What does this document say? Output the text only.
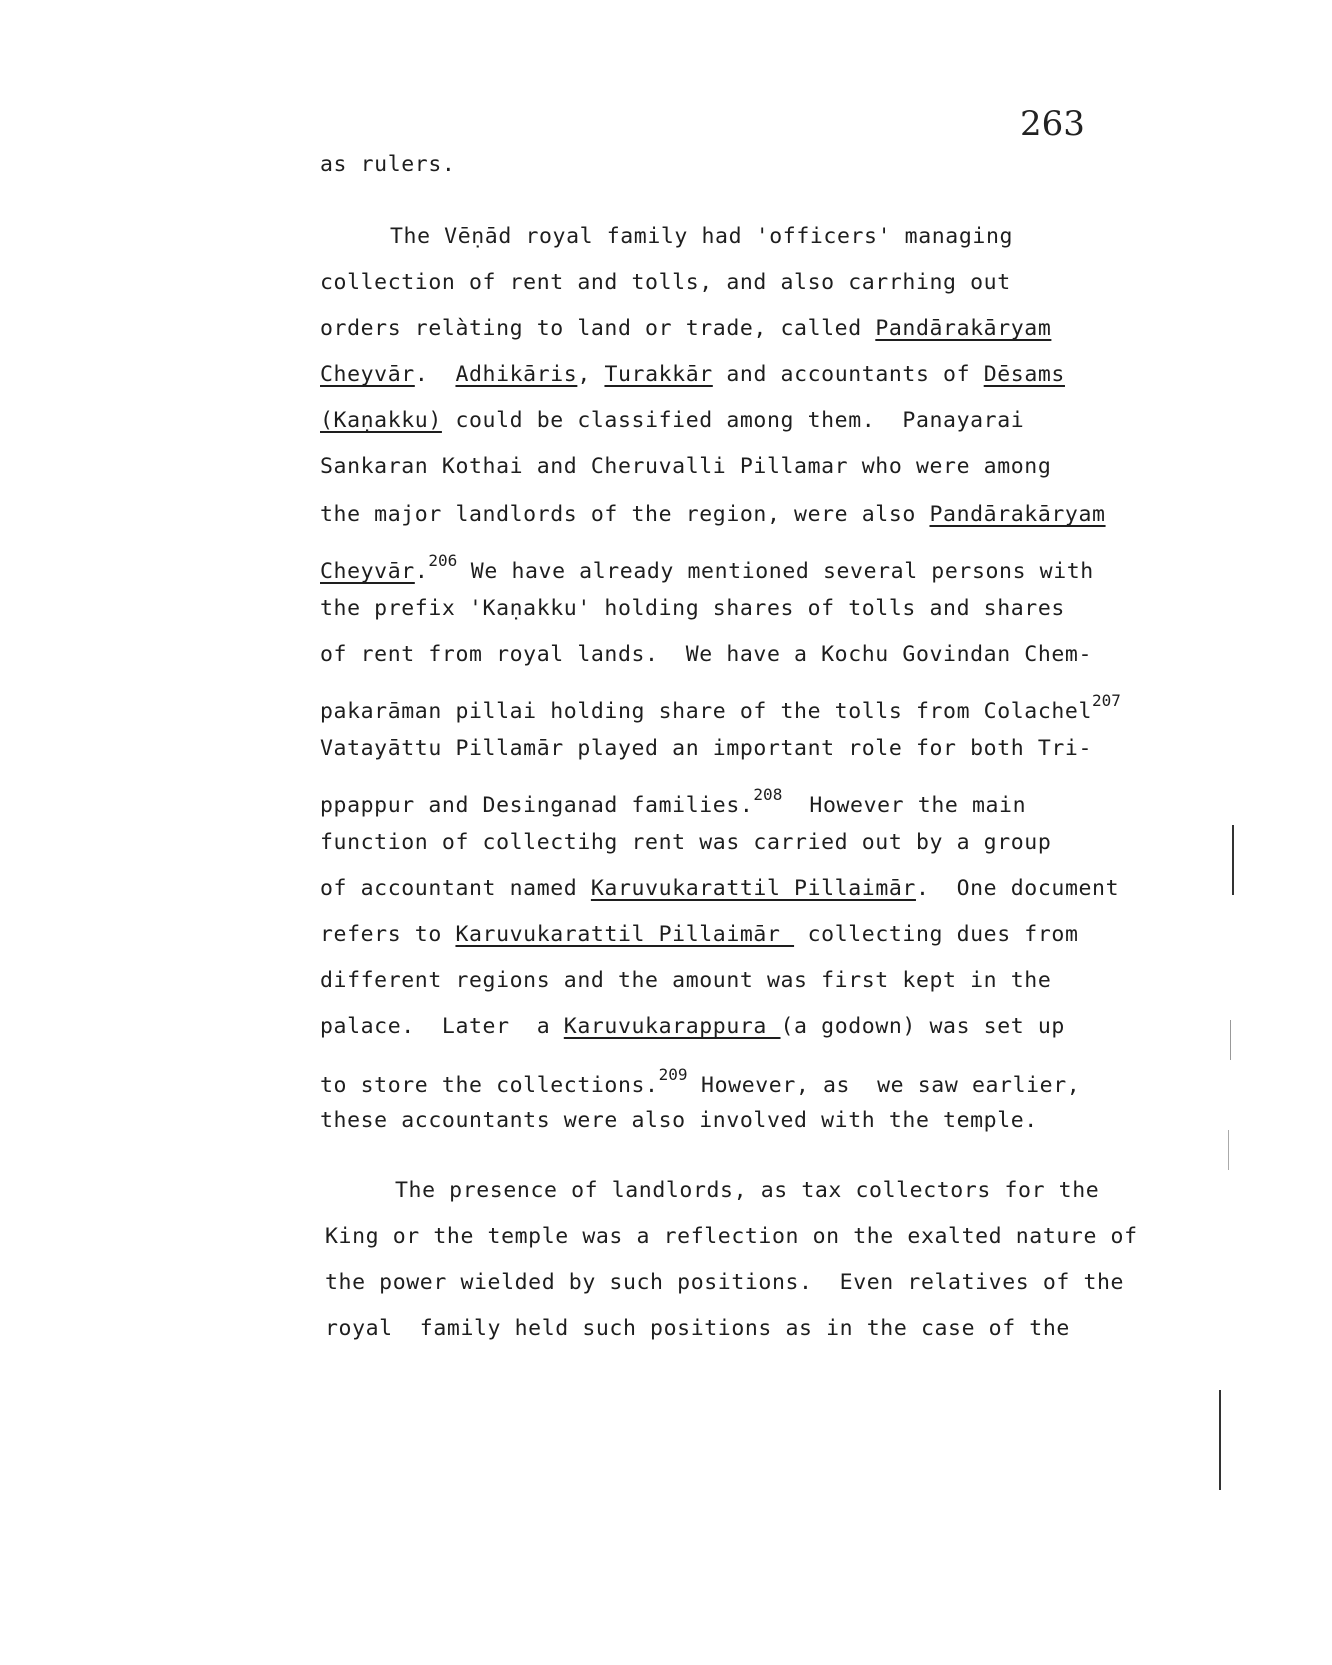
263
as rulers.
The Vēṇād royal family had 'officers' managing
collection of rent and tolls, and also carrhing out
orders relàting to land or trade, called Pandārakāryam
Cheyvār.  Adhikāris, Turakkār and accountants of Dēsams
(Kaṇakku) could be classified among them.  Panayarai
Sankaran Kothai and Cheruvalli Pillamar who were among
the major landlords of the region, were also Pandārakāryam
Cheyvār.$^{206}$ We have already mentioned several persons with
the prefix 'Kaṇakku' holding shares of tolls and shares
of rent from royal lands.  We have a Kochu Govindan Chem-
pakarāman pillai holding share of the tolls from Colachel$^{207}$
Vatayāttu Pillamār played an important role for both Tri-
ppappur and Desinganad families.$^{208}$  However the main
function of collectihg rent was carried out by a group
of accountant named Karuvukarattil Pillaimār.  One document
refers to Karuvukarattil Pillaimār  collecting dues from
different regions and the amount was first kept in the
palace.  Later  a Karuvukarappura (a godown) was set up
to store the collections.$^{209}$ However, as  we saw earlier,
these accountants were also involved with the temple.
The presence of landlords, as tax collectors for the
King or the temple was a reflection on the exalted nature of
the power wielded by such positions.  Even relatives of the
royal  family held such positions as in the case of the
